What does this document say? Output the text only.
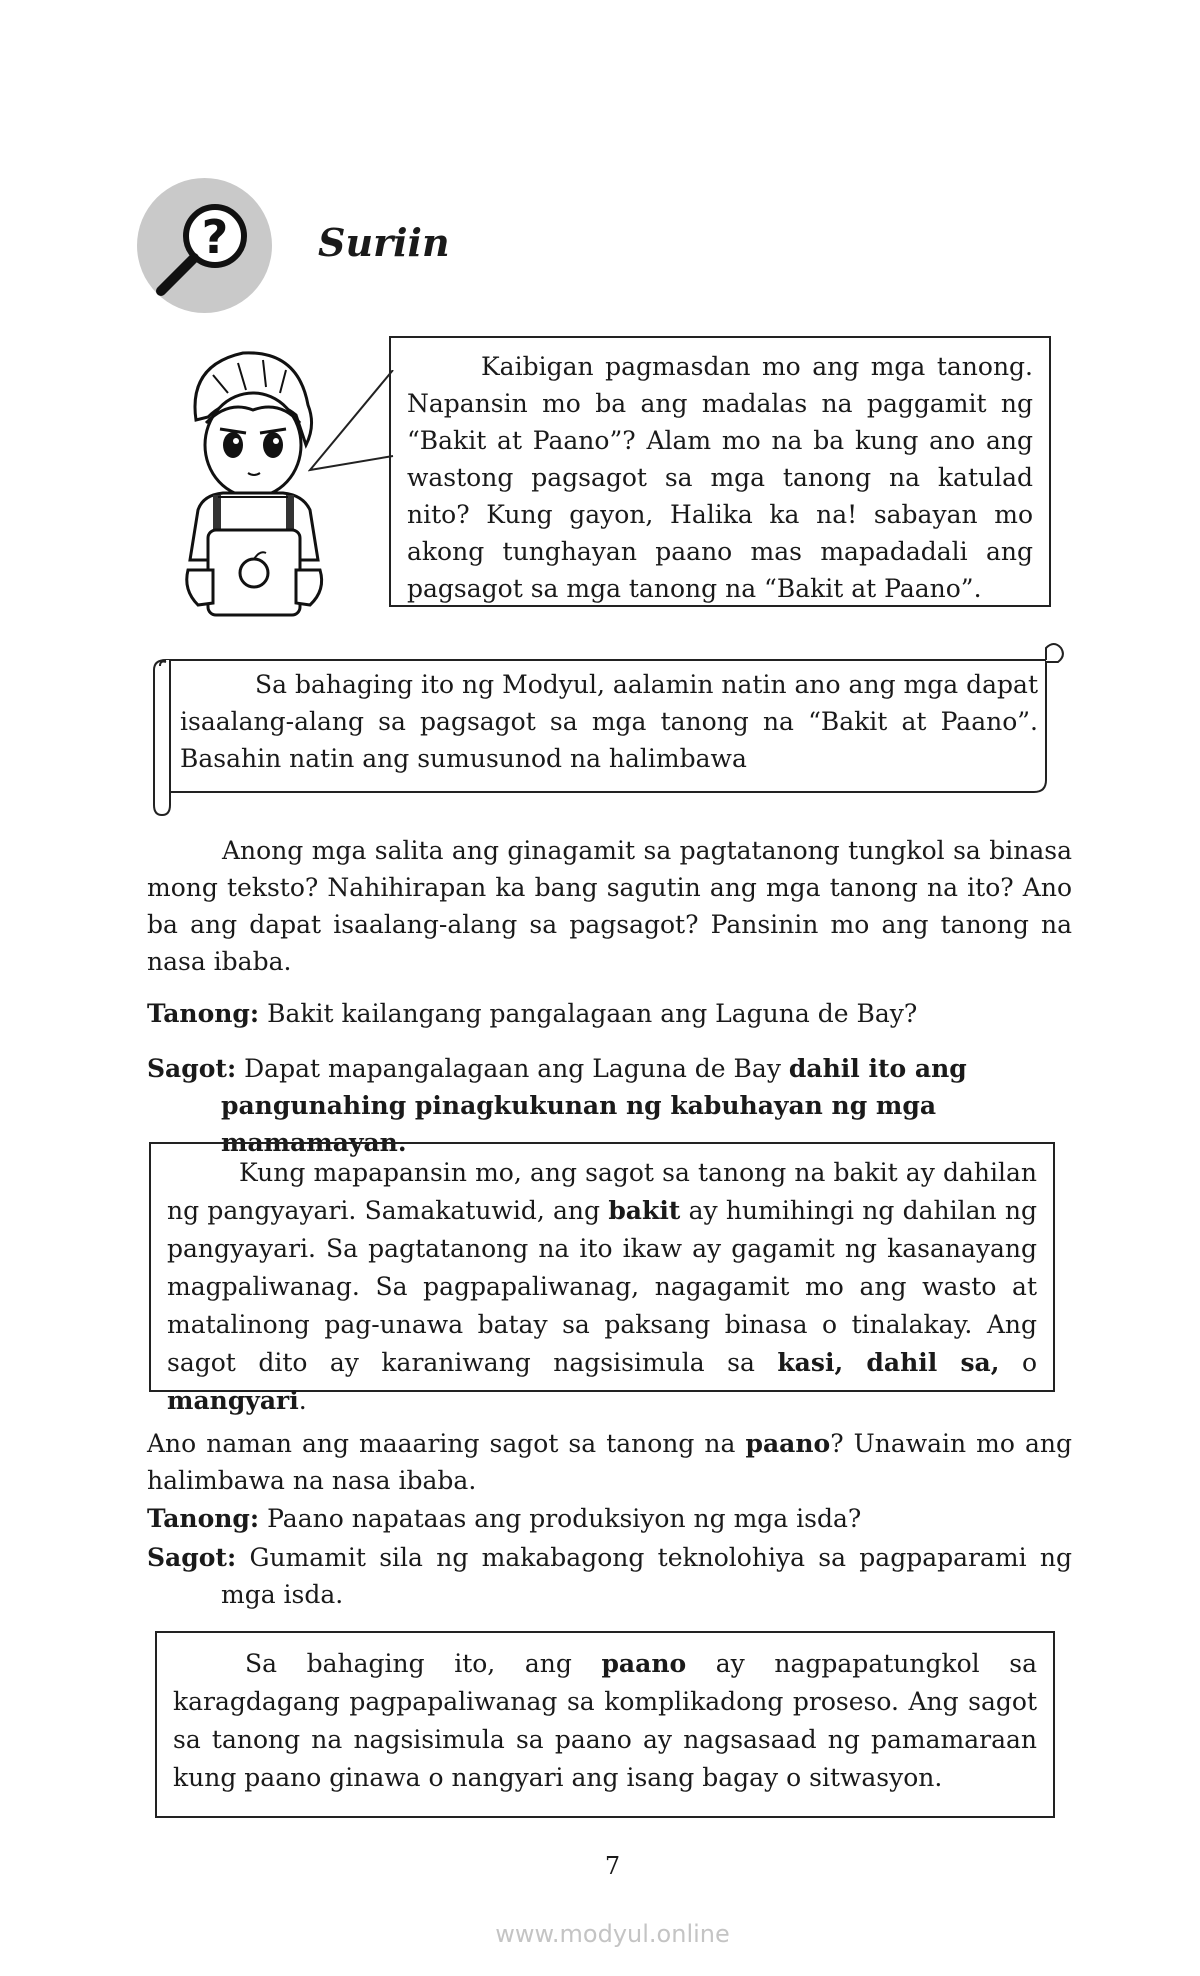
? Suriin

Kaibigan pagmasdan mo ang mga tanong. Napansin mo ba ang madalas na paggamit ng “Bakit at Paano”? Alam mo na ba kung ano ang wastong pagsagot sa mga tanong na katulad nito? Kung gayon, Halika ka na! sabayan mo akong tunghayan paano mas mapadadali ang pagsagot sa mga tanong na “Bakit at Paano”.

Sa bahaging ito ng Modyul, aalamin natin ano ang mga dapat isaalang-alang sa pagsagot sa mga tanong na “Bakit at Paano”. Basahin natin ang sumusunod na halimbawa

Anong mga salita ang ginagamit sa pagtatanong tungkol sa binasa mong teksto? Nahihirapan ka bang sagutin ang mga tanong na ito? Ano ba ang dapat isaalang-alang sa pagsagot? Pansinin mo ang tanong na nasa ibaba.

Tanong: Bakit kailangang pangalagaan ang Laguna de Bay?

Sagot: Dapat mapangalagaan ang Laguna de Bay dahil ito ang pangunahing pinagkukunan ng kabuhayan ng mga mamamayan.

Kung mapapansin mo, ang sagot sa tanong na bakit ay dahilan ng pangyayari. Samakatuwid, ang bakit ay humihingi ng dahilan ng pangyayari. Sa pagtatanong na ito ikaw ay gagamit ng kasanayang magpaliwanag. Sa pagpapaliwanag, nagagamit mo ang wasto at matalinong pag-unawa batay sa paksang binasa o tinalakay. Ang sagot dito ay karaniwang nagsisimula sa kasi, dahil sa, o mangyari.

Ano naman ang maaaring sagot sa tanong na paano? Unawain mo ang halimbawa na nasa ibaba.

Tanong: Paano napataas ang produksiyon ng mga isda?

Sagot: Gumamit sila ng makabagong teknolohiya sa pagpaparami ng mga isda.

Sa bahaging ito, ang paano ay nagpapatungkol sa karagdagang pagpapaliwanag sa komplikadong proseso. Ang sagot sa tanong na nagsisimula sa paano ay nagsasaad ng pamamaraan kung paano ginawa o nangyari ang isang bagay o sitwasyon.

7
www.modyul.online
